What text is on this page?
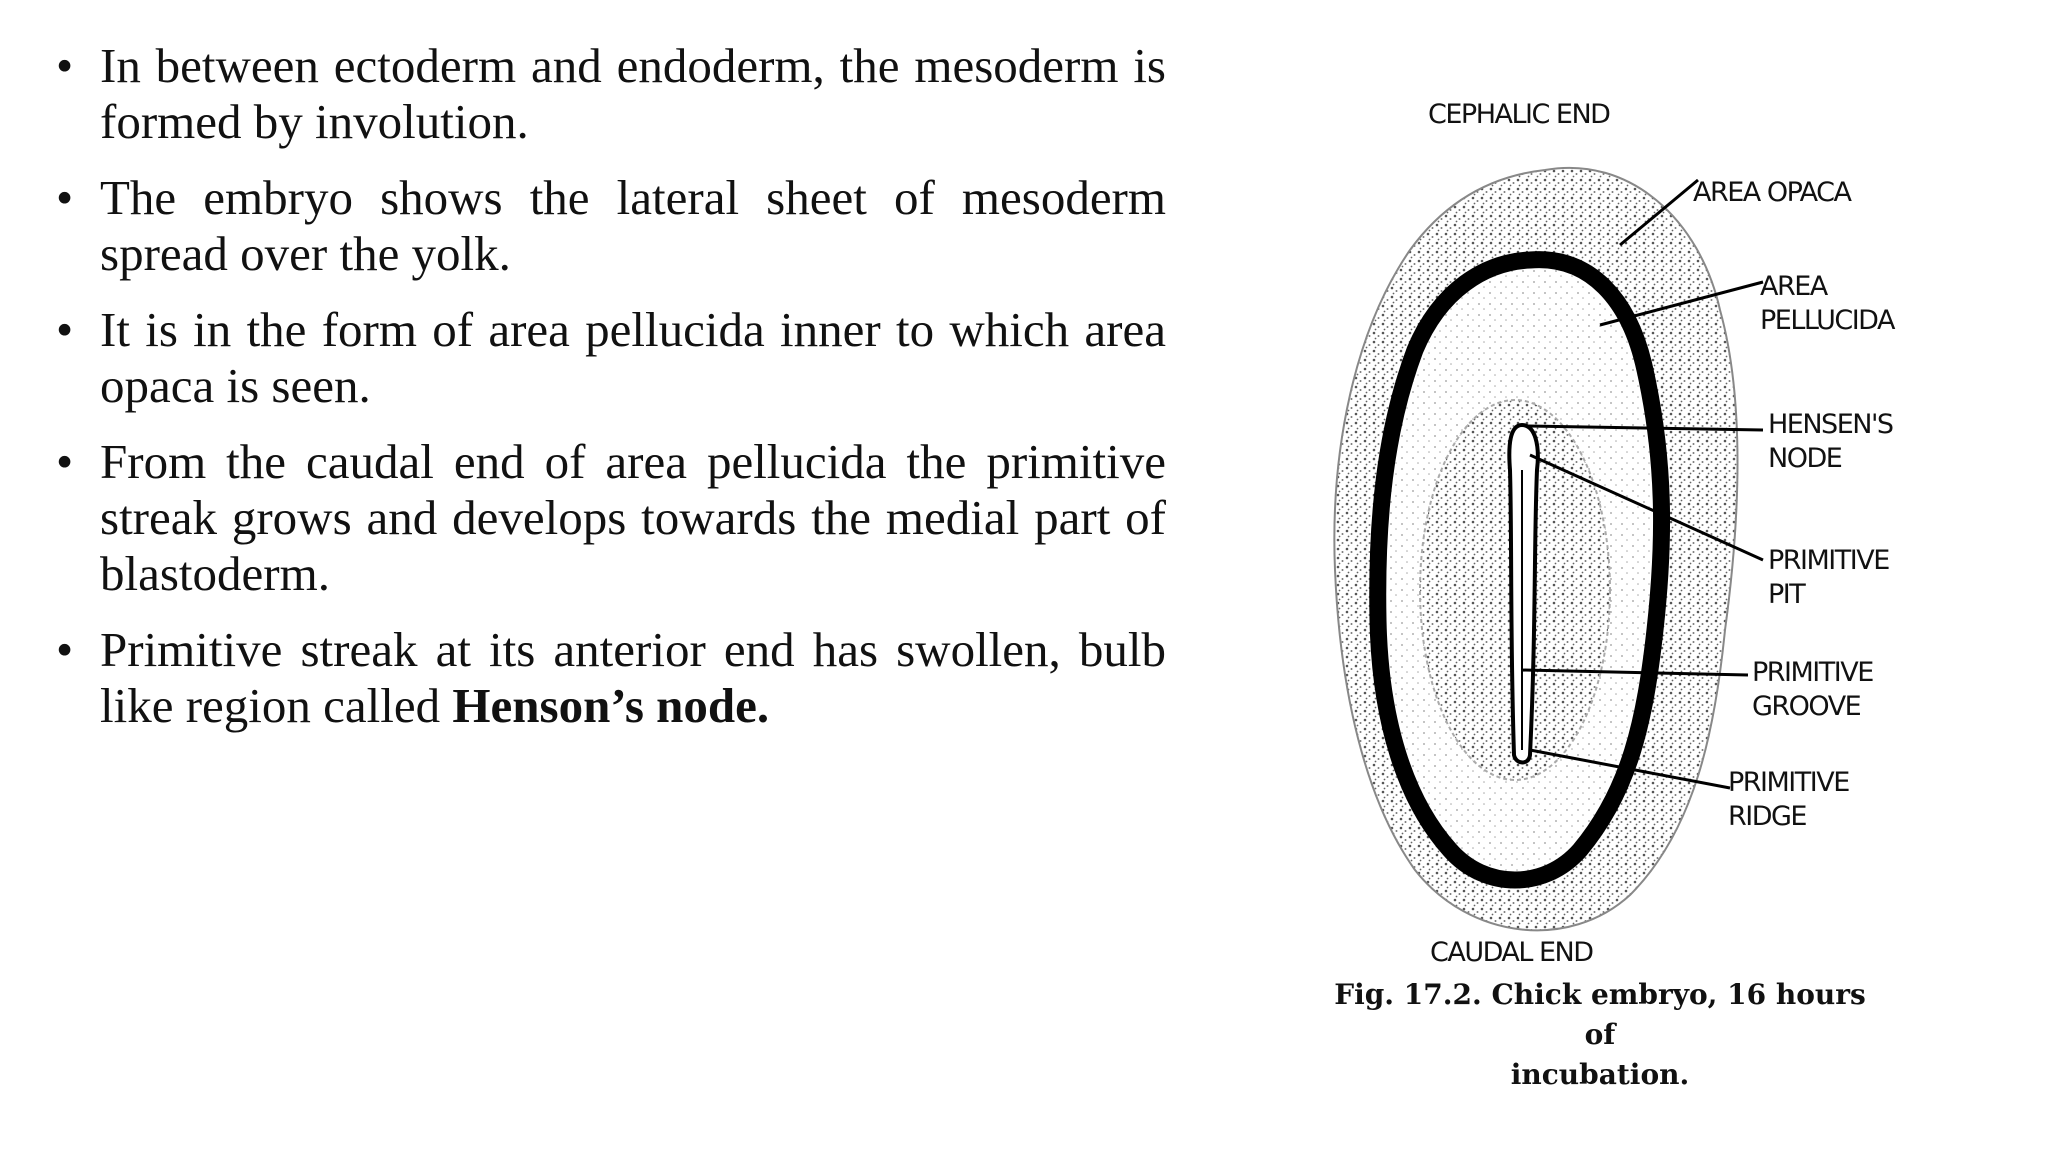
• In between ectoderm and endoderm, the mesoderm is formed by involution.
• The embryo shows the lateral sheet of mesoderm spread over the yolk.
• It is in the form of area pellucida inner to which area opaca is seen.
• From the caudal end of area pellucida the primitive streak grows and develops towards the medial part of blastoderm.
• Primitive streak at its anterior end has swollen, bulb like region called Henson’s node.
CEPHALIC END
AREA OPACA
AREA
PELLUCIDA
HENSEN'S
NODE
PRIMITIVE
PIT
PRIMITIVE
GROOVE
PRIMITIVE
RIDGE
CAUDAL END
Fig. 17.2. Chick embryo, 16 hours of
incubation.
